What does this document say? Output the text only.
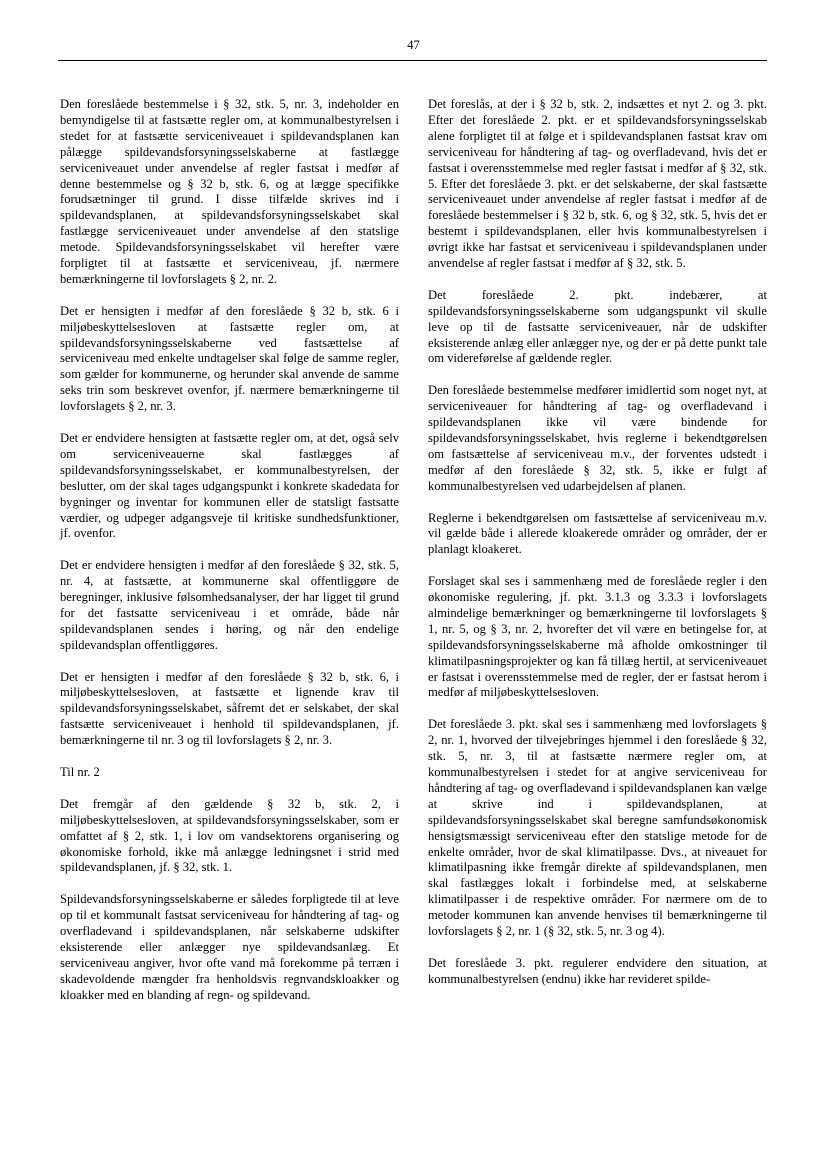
47

Den foreslåede bestemmelse i § 32, stk. 5, nr. 3, indeholder en bemyndigelse til at fastsætte regler om, at kommunalbestyrelsen i stedet for at fastsætte serviceniveauet i spildevandsplanen kan pålægge spildevandsforsyningsselskaberne at fastlægge serviceniveauet under anvendelse af regler fastsat i medfør af denne bestemmelse og § 32 b, stk. 6, og at lægge specifikke forudsætninger til grund. I disse tilfælde skrives ind i spildevandsplanen, at spildevandsforsyningsselskabet skal fastlægge serviceniveauet under anvendelse af den statslige metode. Spildevandsforsyningsselskabet vil herefter være forpligtet til at fastsætte et serviceniveau, jf. nærmere bemærkningerne til lovforslagets § 2, nr. 2.

Det er hensigten i medfør af den foreslåede § 32 b, stk. 6 i miljøbeskyttelsesloven at fastsætte regler om, at spildevandsforsyningsselskaberne ved fastsættelse af serviceniveau med enkelte undtagelser skal følge de samme regler, som gælder for kommunerne, og herunder skal anvende de samme seks trin som beskrevet ovenfor, jf. nærmere bemærkningerne til lovforslagets § 2, nr. 3.

Det er endvidere hensigten at fastsætte regler om, at det, også selv om serviceniveauerne skal fastlægges af spildevandsforsyningsselskabet, er kommunalbestyrelsen, der beslutter, om der skal tages udgangspunkt i konkrete skadedata for bygninger og inventar for kommunen eller de statsligt fastsatte værdier, og udpeger adgangsveje til kritiske sundhedsfunktioner, jf. ovenfor.

Det er endvidere hensigten i medfør af den foreslåede § 32, stk. 5, nr. 4, at fastsætte, at kommunerne skal offentliggøre de beregninger, inklusive følsomhedsanalyser, der har ligget til grund for det fastsatte serviceniveau i et område, både når spildevandsplanen sendes i høring, og når den endelige spildevandsplan offentliggøres.

Det er hensigten i medfør af den foreslåede § 32 b, stk. 6, i miljøbeskyttelsesloven, at fastsætte et lignende krav til spildevandsforsyningsselskabet, såfremt det er selskabet, der skal fastsætte serviceniveauet i henhold til spildevandsplanen, jf. bemærkningerne til nr. 3 og til lovforslagets § 2, nr. 3.

Til nr. 2

Det fremgår af den gældende § 32 b, stk. 2, i miljøbeskyttelsesloven, at spildevandsforsyningsselskaber, som er omfattet af § 2, stk. 1, i lov om vandsektorens organisering og økonomiske forhold, ikke må anlægge ledningsnet i strid med spildevandsplanen, jf. § 32, stk. 1.

Spildevandsforsyningsselskaberne er således forpligtede til at leve op til et kommunalt fastsat serviceniveau for håndtering af tag- og overfladevand i spildevandsplanen, når selskaberne udskifter eksisterende eller anlægger nye spildevandsanlæg. Et serviceniveau angiver, hvor ofte vand må forekomme på terræn i skadevoldende mængder fra henholdsvis regnvandskloakker og kloakker med en blanding af regn- og spildevand.

Det foreslås, at der i § 32 b, stk. 2, indsættes et nyt 2. og 3. pkt. Efter det foreslåede 2. pkt. er et spildevandsforsyningsselskab alene forpligtet til at følge et i spildevandsplanen fastsat krav om serviceniveau for håndtering af tag- og overfladevand, hvis det er fastsat i overensstemmelse med regler fastsat i medfør af § 32, stk. 5. Efter det foreslåede 3. pkt. er det selskaberne, der skal fastsætte serviceniveauet under anvendelse af regler fastsat i medfør af de foreslåede bestemmelser i § 32 b, stk. 6, og § 32, stk. 5, hvis det er bestemt i spildevandsplanen, eller hvis kommunalbestyrelsen i øvrigt ikke har fastsat et serviceniveau i spildevandsplanen under anvendelse af regler fastsat i medfør af § 32, stk. 5.

Det foreslåede 2. pkt. indebærer, at spildevandsforsyningsselskaberne som udgangspunkt vil skulle leve op til de fastsatte serviceniveauer, når de udskifter eksisterende anlæg eller anlægger nye, og der er på dette punkt tale om videreførelse af gældende regler.

Den foreslåede bestemmelse medfører imidlertid som noget nyt, at serviceniveauer for håndtering af tag- og overfladevand i spildevandsplanen ikke vil være bindende for spildevandsforsyningsselskabet, hvis reglerne i bekendtgørelsen om fastsættelse af serviceniveau m.v., der forventes udstedt i medfør af den foreslåede § 32, stk. 5, ikke er fulgt af kommunalbestyrelsen ved udarbejdelsen af planen.

Reglerne i bekendtgørelsen om fastsættelse af serviceniveau m.v. vil gælde både i allerede kloakerede områder og områder, der er planlagt kloakeret.

Forslaget skal ses i sammenhæng med de foreslåede regler i den økonomiske regulering, jf. pkt. 3.1.3 og 3.3.3 i lovforslagets almindelige bemærkninger og bemærkningerne til lovforslagets § 1, nr. 5, og § 3, nr. 2, hvorefter det vil være en betingelse for, at spildevandsforsyningsselskaberne må afholde omkostninger til klimatilpasningsprojekter og kan få tillæg hertil, at serviceniveauet er fastsat i overensstemmelse med de regler, der er fastsat herom i medfør af miljøbeskyttelsesloven.

Det foreslåede 3. pkt. skal ses i sammenhæng med lovforslagets § 2, nr. 1, hvorved der tilvejebringes hjemmel i den foreslåede § 32, stk. 5, nr. 3, til at fastsætte nærmere regler om, at kommunalbestyrelsen i stedet for at angive serviceniveau for håndtering af tag- og overfladevand i spildevandsplanen kan vælge at skrive ind i spildevandsplanen, at spildevandsforsyningsselskabet skal beregne samfundsøkonomisk hensigtsmæssigt serviceniveau efter den statslige metode for de enkelte områder, hvor de skal klimatilpasse. Dvs., at niveauet for klimatilpasning ikke fremgår direkte af spildevandsplanen, men skal fastlægges lokalt i forbindelse med, at selskaberne klimatilpasser i de respektive områder. For nærmere om de to metoder kommunen kan anvende henvises til bemærkningerne til lovforslagets § 2, nr. 1 (§ 32, stk. 5, nr. 3 og 4).

Det foreslåede 3. pkt. regulerer endvidere den situation, at kommunalbestyrelsen (endnu) ikke har revideret spilde-
